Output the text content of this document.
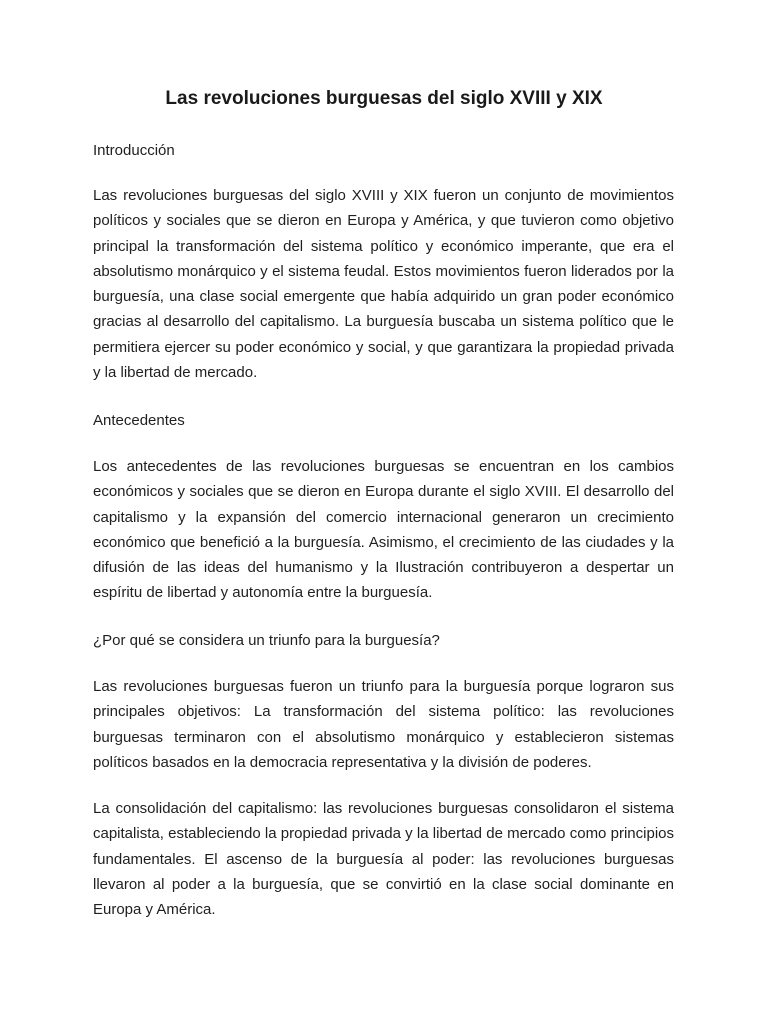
Las revoluciones burguesas del siglo XVIII y XIX

Introducción

Las revoluciones burguesas del siglo XVIII y XIX fueron un conjunto de movimientos políticos y sociales que se dieron en Europa y América, y que tuvieron como objetivo principal la transformación del sistema político y económico imperante, que era el absolutismo monárquico y el sistema feudal. Estos movimientos fueron liderados por la burguesía, una clase social emergente que había adquirido un gran poder económico gracias al desarrollo del capitalismo. La burguesía buscaba un sistema político que le permitiera ejercer su poder económico y social, y que garantizara la propiedad privada y la libertad de mercado.

Antecedentes

Los antecedentes de las revoluciones burguesas se encuentran en los cambios económicos y sociales que se dieron en Europa durante el siglo XVIII. El desarrollo del capitalismo y la expansión del comercio internacional generaron un crecimiento económico que benefició a la burguesía. Asimismo, el crecimiento de las ciudades y la difusión de las ideas del humanismo y la Ilustración contribuyeron a despertar un espíritu de libertad y autonomía entre la burguesía.

¿Por qué se considera un triunfo para la burguesía?

Las revoluciones burguesas fueron un triunfo para la burguesía porque lograron sus principales objetivos: La transformación del sistema político: las revoluciones burguesas terminaron con el absolutismo monárquico y establecieron sistemas políticos basados en la democracia representativa y la división de poderes.

La consolidación del capitalismo: las revoluciones burguesas consolidaron el sistema capitalista, estableciendo la propiedad privada y la libertad de mercado como principios fundamentales. El ascenso de la burguesía al poder: las revoluciones burguesas llevaron al poder a la burguesía, que se convirtió en la clase social dominante en Europa y América.
